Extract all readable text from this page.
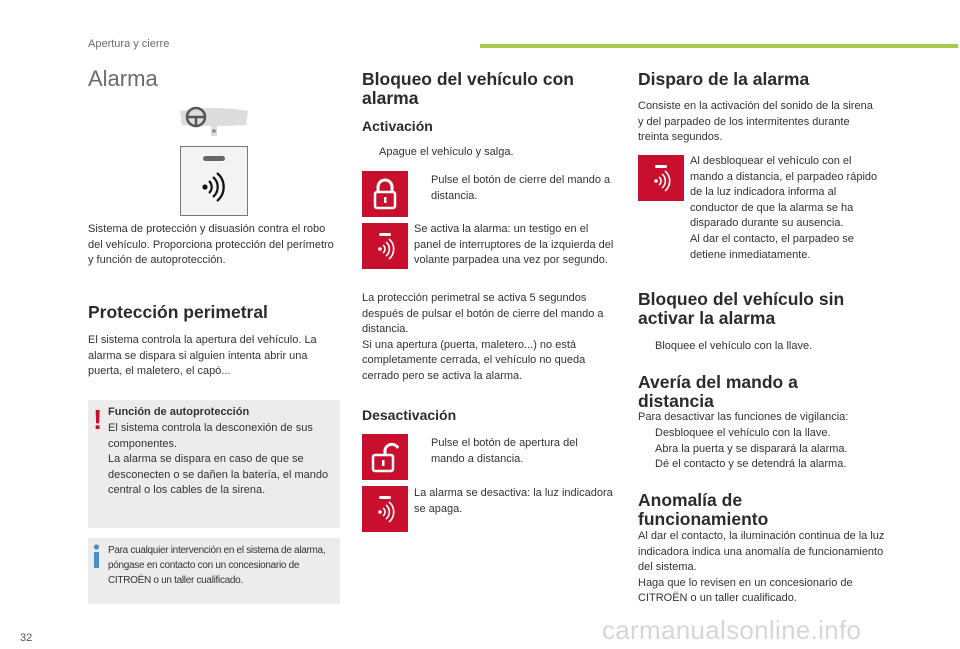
Apertura y cierre
Alarma
Sistema de protección y disuasión contra el robo del vehículo. Proporciona protección del perímetro y función de autoprotección.
Protección perimetral
El sistema controla la apertura del vehículo. La alarma se dispara si alguien intenta abrir una puerta, el maletero, el capó...
! Función de autoprotección
El sistema controla la desconexión de sus componentes.
La alarma se dispara en caso de que se desconecten o se dañen la batería, el mando central o los cables de la sirena.
Para cualquier intervención en el sistema de alarma, póngase en contacto con un concesionario de CITROËN o un taller cualificado.
Bloqueo del vehículo con alarma
Activación
Apague el vehículo y salga.
Pulse el botón de cierre del mando a distancia.
Se activa la alarma: un testigo en el panel de interruptores de la izquierda del volante parpadea una vez por segundo.
La protección perimetral se activa 5 segundos después de pulsar el botón de cierre del mando a distancia.
Si una apertura (puerta, maletero...) no está completamente cerrada, el vehículo no queda cerrado pero se activa la alarma.
Desactivación
Pulse el botón de apertura del mando a distancia.
La alarma se desactiva: la luz indicadora se apaga.
Disparo de la alarma
Consiste en la activación del sonido de la sirena y del parpadeo de los intermitentes durante treinta segundos.
Al desbloquear el vehículo con el mando a distancia, el parpadeo rápido de la luz indicadora informa al conductor de que la alarma se ha disparado durante su ausencia.
Al dar el contacto, el parpadeo se detiene inmediatamente.
Bloqueo del vehículo sin activar la alarma
Bloquee el vehículo con la llave.
Avería del mando a distancia
Para desactivar las funciones de vigilancia:
Desbloquee el vehículo con la llave.
Abra la puerta y se disparará la alarma.
Dé el contacto y se detendrá la alarma.
Anomalía de funcionamiento
Al dar el contacto, la iluminación continua de la luz indicadora indica una anomalía de funcionamiento del sistema.
Haga que lo revisen en un concesionario de CITROËN o un taller cualificado.
32	carmanualsonline.info
